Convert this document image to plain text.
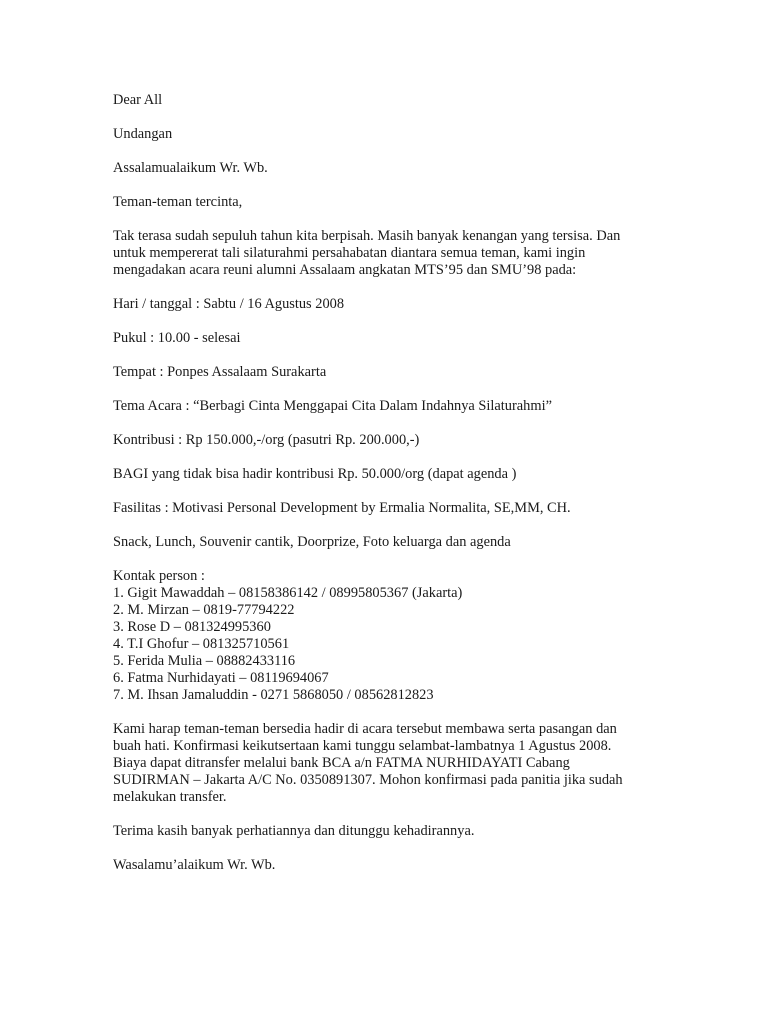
Dear All

Undangan

Assalamualaikum Wr. Wb.

Teman-teman tercinta,

Tak terasa sudah sepuluh tahun kita berpisah. Masih banyak kenangan yang tersisa. Dan
untuk mempererat tali silaturahmi persahabatan diantara semua teman, kami ingin
mengadakan acara reuni alumni Assalaam angkatan MTS’95 dan SMU’98 pada:

Hari / tanggal : Sabtu / 16 Agustus 2008

Pukul : 10.00 - selesai

Tempat : Ponpes Assalaam Surakarta

Tema Acara : “Berbagi Cinta Menggapai Cita Dalam Indahnya Silaturahmi”

Kontribusi : Rp 150.000,-/org (pasutri Rp. 200.000,-)

BAGI yang tidak bisa hadir kontribusi Rp. 50.000/org (dapat agenda )

Fasilitas : Motivasi Personal Development by Ermalia Normalita, SE,MM, CH.

Snack, Lunch, Souvenir cantik, Doorprize, Foto keluarga dan agenda

Kontak person :
1. Gigit Mawaddah – 08158386142 / 08995805367 (Jakarta)
2. M. Mirzan – 0819-77794222
3. Rose D – 081324995360
4. T.I Ghofur – 081325710561
5. Ferida Mulia – 08882433116
6. Fatma Nurhidayati – 08119694067
7. M. Ihsan Jamaluddin - 0271 5868050 / 08562812823

Kami harap teman-teman bersedia hadir di acara tersebut membawa serta pasangan dan
buah hati. Konfirmasi keikutsertaan kami tunggu selambat-lambatnya 1 Agustus 2008.
Biaya dapat ditransfer melalui bank BCA a/n FATMA NURHIDAYATI Cabang
SUDIRMAN – Jakarta A/C No. 0350891307. Mohon konfirmasi pada panitia jika sudah
melakukan transfer.

Terima kasih banyak perhatiannya dan ditunggu kehadirannya.

Wasalamu’alaikum Wr. Wb.
